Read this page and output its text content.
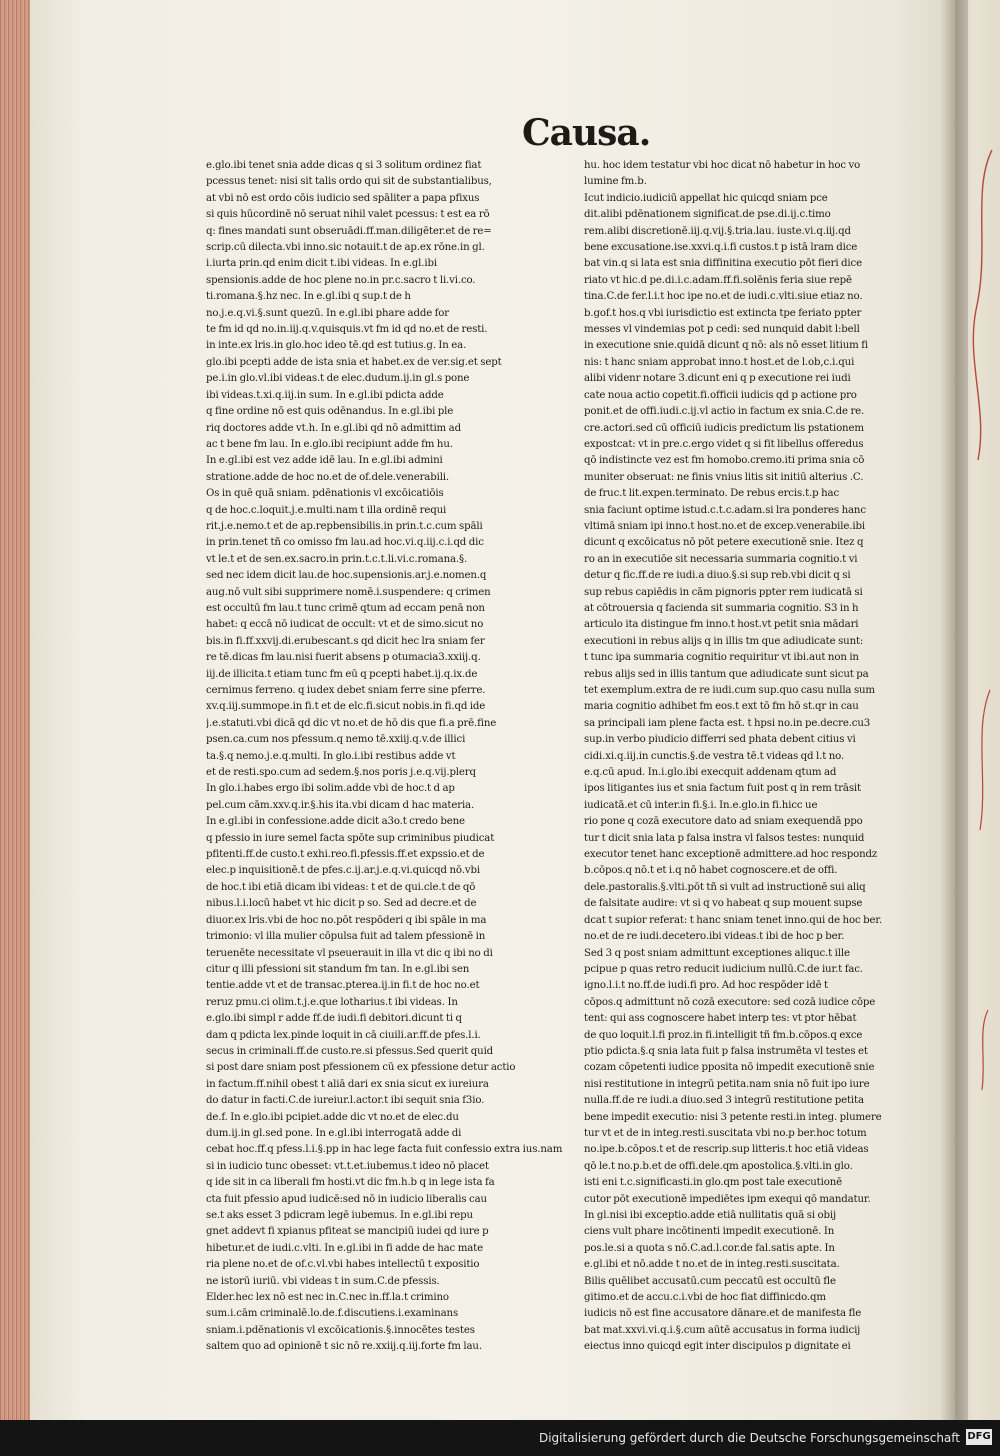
Causa.

e.glo.ibi tenet snia adde dicas q si 3 solitum ordinez fiat

pcessus tenet: nisi sit talis ordo qui sit de substantialibus,

at vbi nō est ordo cōis iudicio sed spāliter a papa pfixus

si quis hūcordinē nō seruat nihil valet pcessus: t est ea rō

q: fines mandati sunt obseruādi.ff.man.diligēter.et de re=

scrip.cū dilecta.vbi inno.sic notauit.t de ap.ex rōne.in gl.

i.iurta prin.qd enim dicit t.ibi videas. In e.gl.ibi

spensionis.adde de hoc plene no.in pr.c.sacro t li.vi.co.

ti.romana.§.hz nec. In e.gl.ibi q sup.t de h

no.j.e.q.vi.§.sunt quezū. In e.gl.ibi phare adde for

te fm id qd no.in.iij.q.v.quisquis.vt fm id qd no.et de resti.

in inte.ex lris.in glo.hoc ideo tē.qd est tutius.g. In ea.

glo.ibi pcepti adde de ista snia et habet.ex de ver.sig.et sept

pe.i.in glo.vl.ibi videas.t de elec.dudum.ij.in gl.s pone

ibi videas.t.xi.q.iij.in sum. In e.gl.ibi pdicta adde

q fine ordine nō est quis odēnandus. In e.gl.ibi ple

riq doctores adde vt.h. In e.gl.ibi qd nō admittim ad

ac t bene fm lau. In e.glo.ibi recipiunt adde fm hu.

In e.gl.ibi est vez adde idē lau. In e.gl.ibi admini

stratione.adde de hoc no.et de of.dele.venerabili.

Os in quē quā sniam. pdēnationis vl excōicatiōis

q de hoc.c.loquit.j.e.multi.nam t illa ordinē requi

rit.j.e.nemo.t et de ap.repbensibilis.in prin.t.c.cum spāli

in prin.tenet tñ co omisso fm lau.ad hoc.vi.q.iij.c.i.qd dic

vt le.t et de sen.ex.sacro.in prin.t.c.t.li.vi.c.romana.§.

sed nec idem dicit lau.de hoc.supensionis.ar.j.e.nomen.q

aug.nō vult sibi supprimere nomē.i.suspendere: q crimen

est occultū fm lau.t tunc crimē qtum ad eccam penā non

habet: q eccā nō iudicat de occult: vt et de simo.sicut no

bis.in fi.ff.xxvij.di.erubescant.s qd dicit hec lra sniam fer

re tē.dicas fm lau.nisi fuerit absens p otumacia3.xxiij.q.

iij.de illicita.t etiam tunc fm eū q pcepti habet.ij.q.ix.de

cernimus ferreno. q iudex debet sniam ferre sine pferre.

xv.q.iij.summope.in fi.t et de elc.fi.sicut nobis.in fi.qd ide

j.e.statuti.vbi dicā qd dic vt no.et de hō dis que fi.a prē.fine

psen.ca.cum nos pfessum.q nemo tē.xxiij.q.v.de illici

ta.§.q nemo.j.e.q.multi. In glo.i.ibi restibus adde vt

et de resti.spo.cum ad sedem.§.nos poris j.e.q.vij.plerq

In glo.i.habes ergo ibi solim.adde vbi de hoc.t d ap

pel.cum cām.xxv.q.ir.§.his ita.vbi dicam d hac materia.

In e.gl.ibi in confessione.adde dicit a3o.t credo bene

q pfessio in iure semel facta spōte sup criminibus piudicat

pfitenti.ff.de custo.t exhi.reo.fi.pfessis.ff.et expssio.et de

elec.p inquisitionē.t de pfes.c.ij.ar.j.e.q.vi.quicqd nō.vbi

de hoc.t ibi etiā dicam ibi videas: t et de qui.cle.t de qō

nibus.l.i.locū habet vt hic dicit p so. Sed ad decre.et de

diuor.ex lris.vbi de hoc no.pōt respōderi q ibi spāle in ma

trimonio: vl illa mulier cōpulsa fuit ad talem pfessionē in

teruenēte necessitate vl pseuerauit in illa vt dic q ibi no di

citur q illi pfessioni sit standum fm tan. In e.gl.ibi sen

tentie.adde vt et de transac.ptereа.ij.in fi.t de hoc no.et

reruz pmu.ci olim.t.j.e.que lotharius.t ibi videas. In

e.glo.ibi simpl r adde ff.de iudi.fi debitori.dicunt ti q

dam q pdicta lex.pinde loquit in cā ciuili.ar.ff.de pfes.l.i.

secus in criminali.ff.de custo.re.si pfessus.Sed querit quid

si post dare sniam post pfessionem cū ex pfessione detur actio

in factum.ff.nihil obest t aliā dari ex snia sicut ex iureiura

do datur in facti.C.de iureiur.l.actor.t ibi sequit snia f3io.

de.f. In e.glo.ibi pcipiet.adde dic vt no.et de elec.du

dum.ij.in gl.sed pone. In e.gl.ibi interrogatā adde di

cebat hoc.ff.q pfess.l.i.§.pp in hac lege facta fuit confessio extra ius.nam

si in iudicio tunc obesset: vt.t.et.iubemus.t ideo nō placet

q ide sit in ca liberali fm hosti.vt dic fm.h.b q in lege ista fa

cta fuit pfessio apud iudicē:sed nō in iudicio liberalis cau

se.t aks esset 3 pdicram legē iubemus. In e.gl.ibi repu

gnet addevt fi xpianus pfiteat se mancipiū iudei qd iure p

hibetur.et de iudi.c.vlti. In e.gl.ibi in fi adde de hac mate

ria plene no.et de of.c.vl.vbi habes intellectū t expositio

ne istorū iuriū. vbi videas t in sum.C.de pfessis.

Elder.hec lex nō est nec in.C.nec in.ff.la.t crimino

sum.i.cām criminalē.lo.de.f.discutiens.i.examinans

sniam.i.pdēnationis vl excōicationis.§.innocētes testes

saltem quo ad opinionē t sic nō re.xxiij.q.iij.forte fm lau.

hu. hoc idem testatur vbi hoc dicat nō habetur in hoc vo

lumine fm.b.

Icut indicio.iudiciū appellat hic quicqd sniam pce

dit.alibi pdēnationem significat.de pse.di.ij.c.timo

rem.alibi discretionē.iij.q.vij.§.tria.lau. iuste.vi.q.iij.qd

bene excusatione.ise.xxvi.q.i.fi custos.t p istā lram dice

bat vin.q si lata est snia diffinitina executio pōt fieri dice

riato vt hic.d pe.di.i.c.adam.ff.fi.solēnis feria siue repē

tina.C.de fer.l.i.t hoc ipe no.et de iudi.c.vlti.siue etiaz no.

b.gof.t hos.q vbi iurisdictio est extincta tpe feriato ppter

messes vl vindemias pot p cedi: sed nunquid dabit l:bell

in executione snie.quidā dicunt q nō: als nō esset litium fi

nis: t hanc sniam approbat inno.t host.et de l.ob,c.i.qui

alibi videnr notare 3.dicunt eni q p executione rei iudi

cate noua actio copetit.fi.officii iudicis qd p actione pro

ponit.et de offi.iudi.c.ij.vl actio in factum ex snia.C.de re.

cre.actori.sed cū officiū iudicis predictum lis pstationem

expostcat: vt in pre.c.ergo videt q si fit libellus offeredus

qō indistincte vez est fm homobo.cremo.iti prima snia cō

muniter obseruat: ne finis vnius litis sit initiū alterius .C.

de fruc.t lit.expen.terminato. De rebus ercis.t.p hac

snia faciunt optime istud.c.t.c.adam.si lra ponderes hanc

vltimā sniam ipi inno.t host.no.et de excep.venerabile.ibi

dicunt q excōicatus nō pōt petere executionē snie. Itez q

ro an in executiōe sit necessaria summaria cognitio.t vi

detur q fic.ff.de re iudi.a diuo.§.si sup reb.vbi dicit q si

sup rebus capiēdis in cām pignoris ppter rem iudicatā si

at cōtrouersia q facienda sit summaria cognitio. S3 in h

articulo ita distingue fm inno.t host.vt petit snia mādari

executioni in rebus alijs q in illis tm que adiudicate sunt:

t tunc ipa summaria cognitio requiritur vt ibi.aut non in

rebus alijs sed in illis tantum que adiudicate sunt sicut pa

tet exemplum.extra de re iudi.cum sup.quo casu nulla sum

maria cognitio adhibet fm eos.t ext tō fm hō st.qr in cau

sa principali iam plene facta est. t hpsi no.in pe.decre.cu3

sup.in verbo piudicio differri sed phata debent citius vi

cidi.xi.q.iij.in cunctis.§.de vestra tē.t videas qd l.t no.

e.q.cū apud. In.i.glo.ibi execquit addenam qtum ad

ipos litigantes ius et snia factum fuit post q in rem trāsit

iudicatā.et cū inter.in fi.§.i. In.e.glo.in fi.hicc ue

rio pone q cozā executore dato ad sniam exequendā ppo

tur t dicit snia lata p falsa instra vl falsos testes: nunquid

executor tenet hanc exceptionē admittere.ad hoc respondz

b.cōpos.q nō.t et i.q nō habet cognoscere.et de offi.

dele.pastoralis.§.vlti.pōt tñ si vult ad instructionē sui aliq

de falsitate audire: vt si q vo habeat q sup mouent supse

dcat t supior referat: t hanc sniam tenet inno.qui de hoc ber.

no.et de re iudi.decetero.ibi videas.t ibi de hoc p ber.

Sed 3 q post sniam admittunt exceptiones aliquc.t ille

pcipue p quas retro reducit iudicium nullū.C.de iur.t fac.

igno.l.i.t no.ff.de iudi.fi pro. Ad hoc respōder idē t

cōpos.q admittunt nō cozā executore: sed cozā iudice cōpe

tent: qui ass cognoscere habet interp tes: vt ptor hēbat

de quo loquit.l.fi proz.in fi.intelligit tñ fm.b.cōpos.q exce

ptio pdicta.§.q snia lata fuit p falsa instrumēta vl testes et

cozam cōpetenti iudice pposita nō impedit executionē snie

nisi restitutione in integrū petita.nam snia nō fuit ipo iure

nulla.ff.de re iudi.a diuo.sed 3 integrū restitutione petita

bene impedit executio: nisi 3 petente resti.in integ. plumere

tur vt et de in integ.resti.suscitata vbi no.p ber.hoc totum

no.ipe.b.cōpos.t et de rescrip.sup litteris.t hoc etiā videas

qō le.t no.p.b.et de offi.dele.qm apostolica.§.vlti.in glo.

isti eni t.c.significasti.in glo.qm post tale executionē

cutor pōt executionē impediētes ipm exequi qō mandatur.

In gl.nisi ibi exceptio.adde etiā nullitatis quā si obij

ciens vult phare incōtinenti impedit executionē. In

pos.le.si a quota s nō.C.ad.l.cor.de fal.satis apte. In

e.gl.ibi et nō.adde t no.et de in integ.resti.suscitata.

Bilis quēlibet accusatū.cum peccatū est occultū fle

gitimo.et de accu.c.i.vbi de hoc fiat diffinicdo.qm

iudicis nō est fine accusatore dānare.et de manifesta fle

bat mat.xxvi.vi.q.i.§.cum aūtē accusatus in forma iudicij

eiectus inno quicqd egit inter discipulos p dignitate ei

Digitalisierung gefördert durch die Deutsche Forschungsgemeinschaft DFG
